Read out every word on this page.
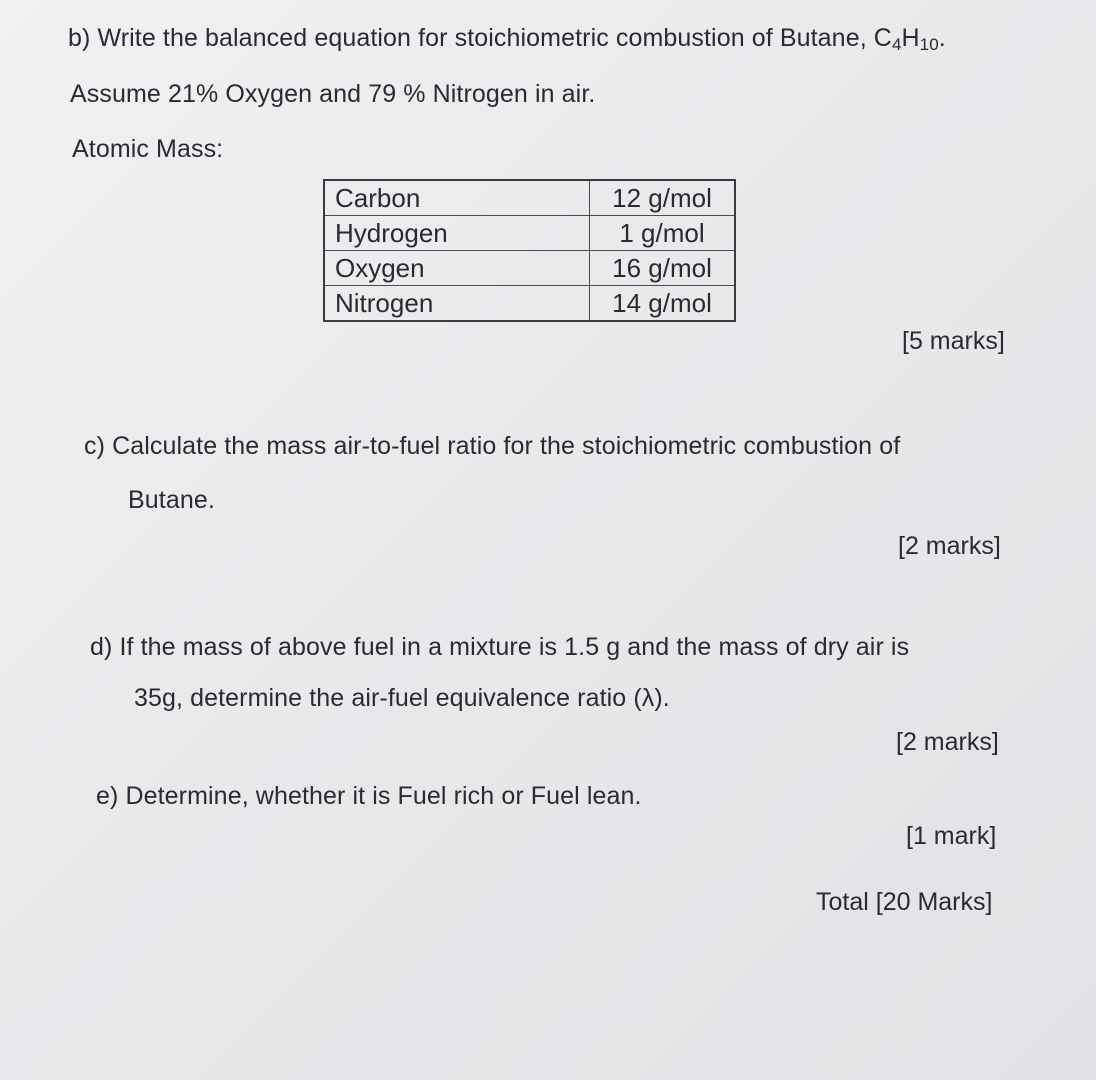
b) Write the balanced equation for stoichiometric combustion of Butane, $C_4H_{10}$.
Assume 21% Oxygen and 79 % Nitrogen in air.
Atomic Mass:
Carbon	12 g/mol
Hydrogen	1 g/mol
Oxygen	16 g/mol
Nitrogen	14 g/mol
[5 marks]
c) Calculate the mass air-to-fuel ratio for the stoichiometric combustion of
Butane.
[2 marks]
d) If the mass of above fuel in a mixture is 1.5 g and the mass of dry air is
35g, determine the air-fuel equivalence ratio (λ).
[2 marks]
e) Determine, whether it is Fuel rich or Fuel lean.
[1 mark]
Total [20 Marks]
